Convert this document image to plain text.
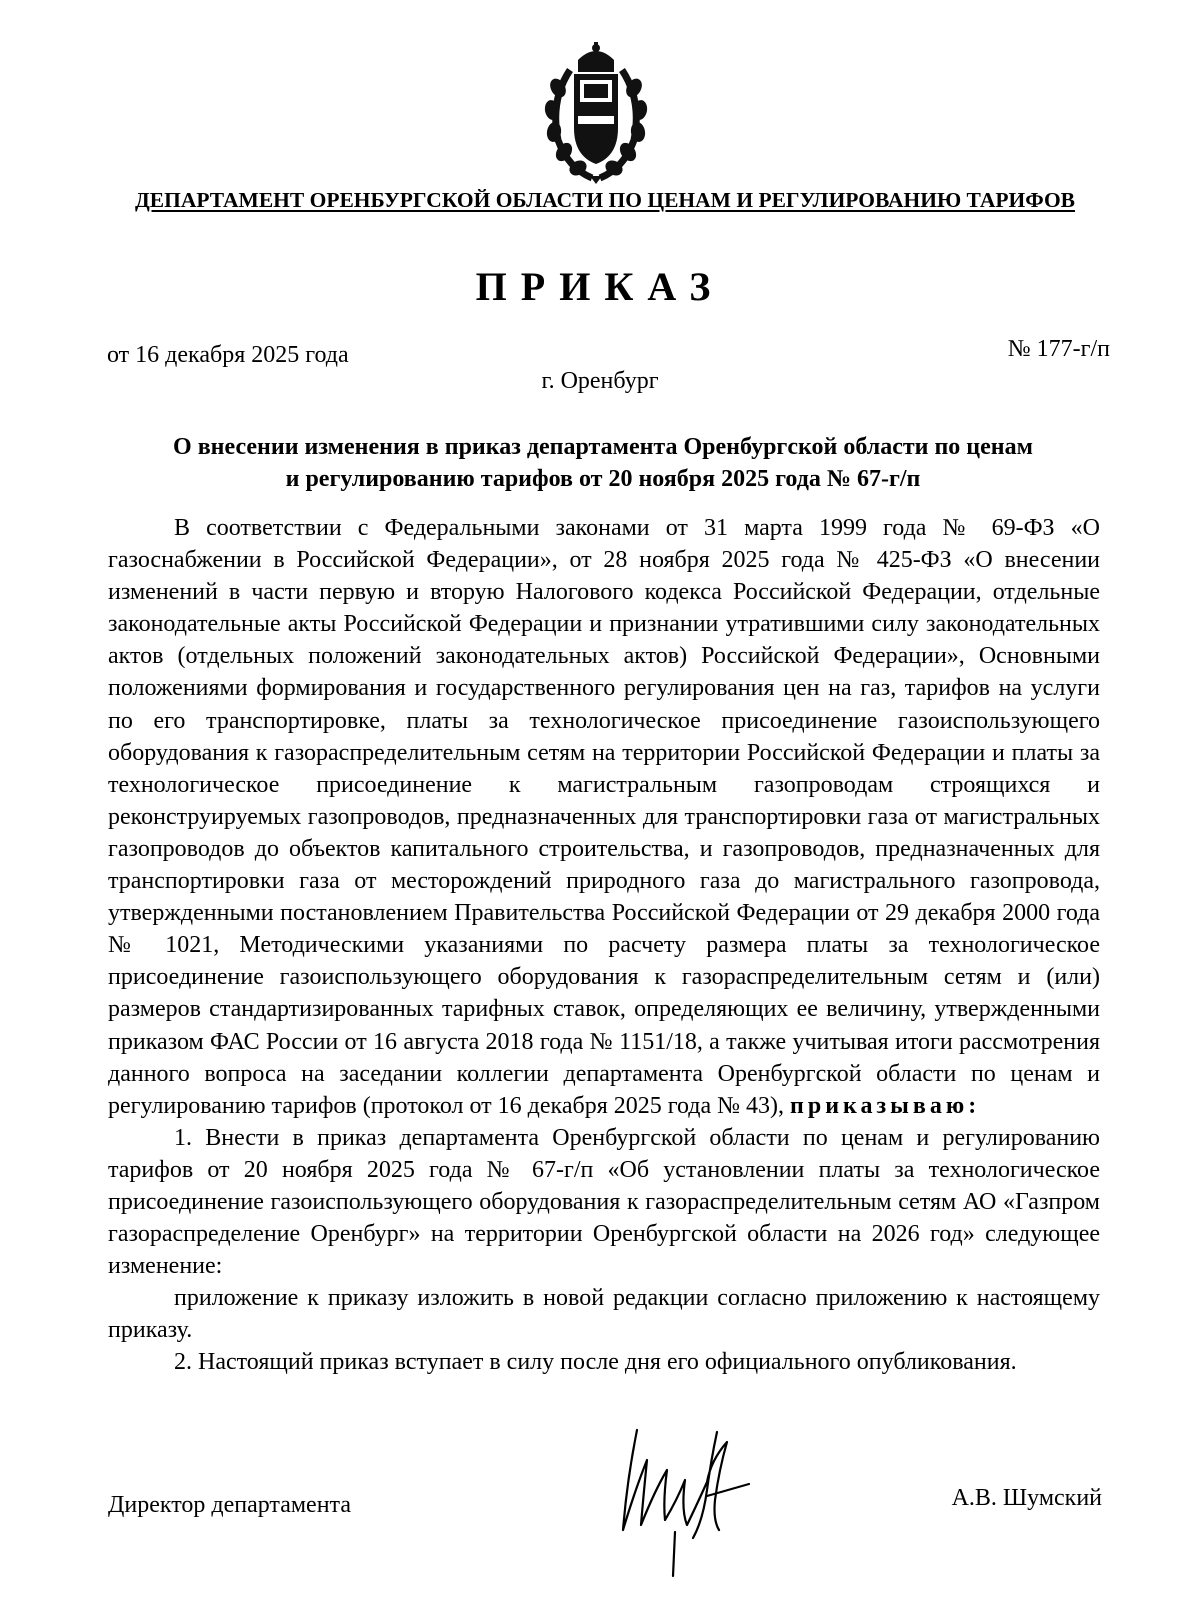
ДЕПАРТАМЕНТ ОРЕНБУРГСКОЙ ОБЛАСТИ ПО ЦЕНАМ И РЕГУЛИРОВАНИЮ ТАРИФОВ
ПРИКАЗ
от 16 декабря 2025 года	№ 177-г/п
г. Оренбург
О внесении изменения в приказ департамента Оренбургской области по ценам
и регулированию тарифов от 20 ноября 2025 года № 67-г/п

В соответствии с Федеральными законами от 31 марта 1999 года № 69-ФЗ «О газоснабжении в Российской Федерации», от 28 ноября 2025 года № 425-ФЗ «О внесении изменений в части первую и вторую Налогового кодекса Российской Федерации, отдельные законодательные акты Российской Федерации и признании утратившими силу законодательных актов (отдельных положений законодательных актов) Российской Федерации», Основными положениями формирования и государственного регулирования цен на газ, тарифов на услуги по его транспортировке, платы за технологическое присоединение газоиспользующего оборудования к газораспределительным сетям на территории Российской Федерации и платы за технологическое присоединение к магистральным газопроводам строящихся и реконструируемых газопроводов, предназначенных для транспортировки газа от магистральных газопроводов до объектов капитального строительства, и газопроводов, предназначенных для транспортировки газа от месторождений природного газа до магистрального газопровода, утвержденными постановлением Правительства Российской Федерации от 29 декабря 2000 года № 1021, Методическими указаниями по расчету размера платы за технологическое присоединение газоиспользующего оборудования к газораспределительным сетям и (или) размеров стандартизированных тарифных ставок, определяющих ее величину, утвержденными приказом ФАС России от 16 августа 2018 года № 1151/18, а также учитывая итоги рассмотрения данного вопроса на заседании коллегии департамента Оренбургской области по ценам и регулированию тарифов (протокол от 16 декабря 2025 года № 43), приказываю:

1. Внести в приказ департамента Оренбургской области по ценам и регулированию тарифов от 20 ноября 2025 года № 67-г/п «Об установлении платы за технологическое присоединение газоиспользующего оборудования к газораспределительным сетям АО «Газпром газораспределение Оренбург» на территории Оренбургской области на 2026 год» следующее изменение:

приложение к приказу изложить в новой редакции согласно приложению к настоящему приказу.

2. Настоящий приказ вступает в силу после дня его официального опубликования.

Директор департамента	А.В. Шумский
